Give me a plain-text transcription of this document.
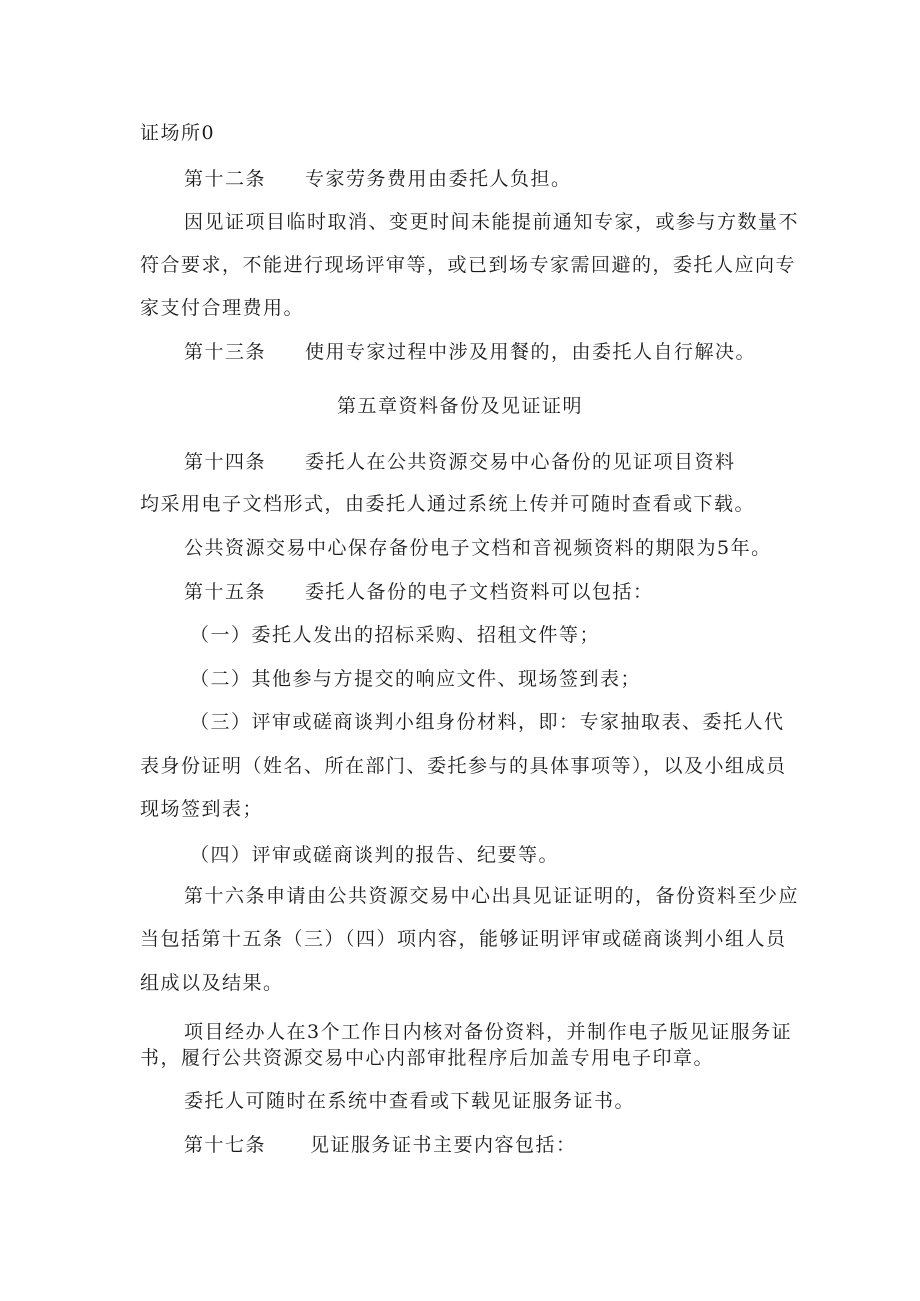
证场所0
第十二条 专家劳务费用由委托人负担。
因见证项目临时取消、变更时间未能提前通知专家，或参与方数量不
符合要求，不能进行现场评审等，或已到场专家需回避的，委托人应向专
家支付合理费用。
第十三条 使用专家过程中涉及用餐的，由委托人自行解决。
第五章资料备份及见证证明
第十四条 委托人在公共资源交易中心备份的见证项目资料
均采用电子文档形式，由委托人通过系统上传并可随时查看或下载。
公共资源交易中心保存备份电子文档和音视频资料的期限为5年。
第十五条 委托人备份的电子文档资料可以包括：
（一）委托人发出的招标采购、招租文件等；
（二）其他参与方提交的响应文件、现场签到表；
（三）评审或磋商谈判小组身份材料，即：专家抽取表、委托人代
表身份证明（姓名、所在部门、委托参与的具体事项等），以及小组成员
现场签到表；
（四）评审或磋商谈判的报告、纪要等。
第十六条申请由公共资源交易中心出具见证证明的，备份资料至少应
当包括第十五条（三）（四）项内容，能够证明评审或磋商谈判小组人员
组成以及结果。
项目经办人在3个工作日内核对备份资料，并制作电子版见证服务证
书，履行公共资源交易中心内部审批程序后加盖专用电子印章。
委托人可随时在系统中查看或下载见证服务证书。
第十七条 见证服务证书主要内容包括：
